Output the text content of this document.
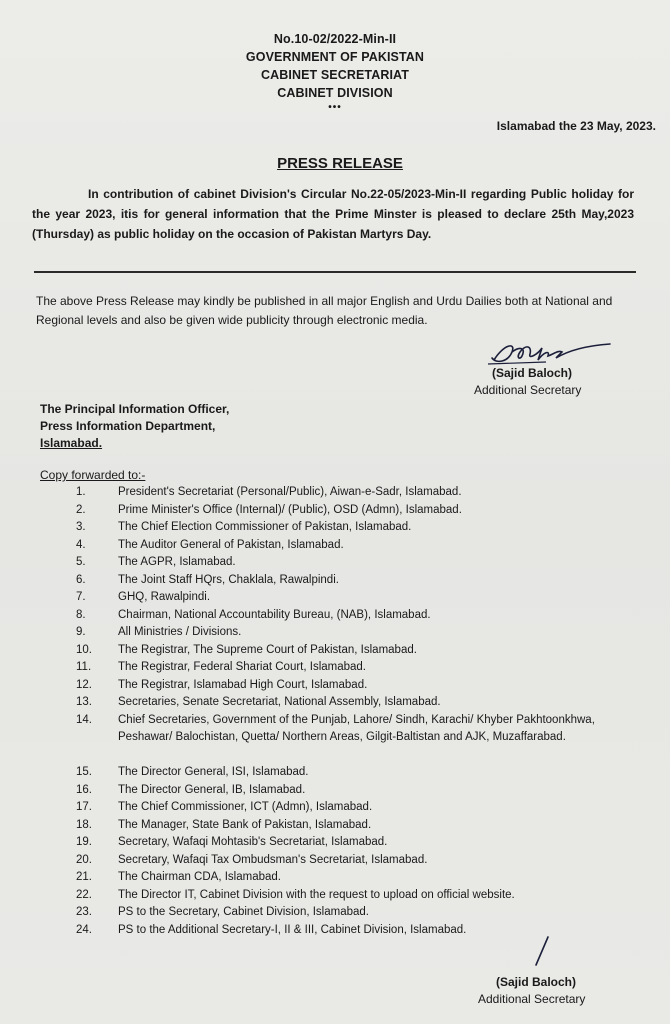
No.10-02/2022-Min-II
GOVERNMENT OF PAKISTAN
CABINET SECRETARIAT
CABINET DIVISION
•••
Islamabad the 23 May, 2023.
PRESS RELEASE
In contribution of cabinet Division's Circular No.22-05/2023-Min-II regarding Public holiday for the year 2023, itis for general information that the Prime Minster is pleased to declare 25th May,2023 (Thursday) as public holiday on the occasion of Pakistan Martyrs Day.
The above Press Release may kindly be published in all major English and Urdu Dailies both at National and Regional levels and also be given wide publicity through electronic media.
(Sajid Baloch)
Additional Secretary
The Principal Information Officer,
Press Information Department,
Islamabad.
Copy forwarded to:-
1.	President's Secretariat (Personal/Public), Aiwan-e-Sadr, Islamabad.
2.	Prime Minister's Office (Internal)/ (Public), OSD (Admn), Islamabad.
3.	The Chief Election Commissioner of Pakistan, Islamabad.
4.	The Auditor General of Pakistan, Islamabad.
5.	The AGPR, Islamabad.
6.	The Joint Staff HQrs, Chaklala, Rawalpindi.
7.	GHQ, Rawalpindi.
8.	Chairman, National Accountability Bureau, (NAB), Islamabad.
9.	All Ministries / Divisions.
10.	The Registrar, The Supreme Court of Pakistan, Islamabad.
11.	The Registrar, Federal Shariat Court, Islamabad.
12.	The Registrar, Islamabad High Court, Islamabad.
13.	Secretaries, Senate Secretariat, National Assembly, Islamabad.
14.	Chief Secretaries, Government of the Punjab, Lahore/ Sindh, Karachi/ Khyber Pakhtoonkhwa, Peshawar/ Balochistan, Quetta/ Northern Areas, Gilgit-Baltistan and AJK, Muzaffarabad.
15.	The Director General, ISI, Islamabad.
16.	The Director General, IB, Islamabad.
17.	The Chief Commissioner, ICT (Admn), Islamabad.
18.	The Manager, State Bank of Pakistan, Islamabad.
19.	Secretary, Wafaqi Mohtasib's Secretariat, Islamabad.
20.	Secretary, Wafaqi Tax Ombudsman's Secretariat, Islamabad.
21.	The Chairman CDA, Islamabad.
22.	The Director IT, Cabinet Division with the request to upload on official website.
23.	PS to the Secretary, Cabinet Division, Islamabad.
24.	PS to the Additional Secretary-I, II & III, Cabinet Division, Islamabad.
(Sajid Baloch)
Additional Secretary
